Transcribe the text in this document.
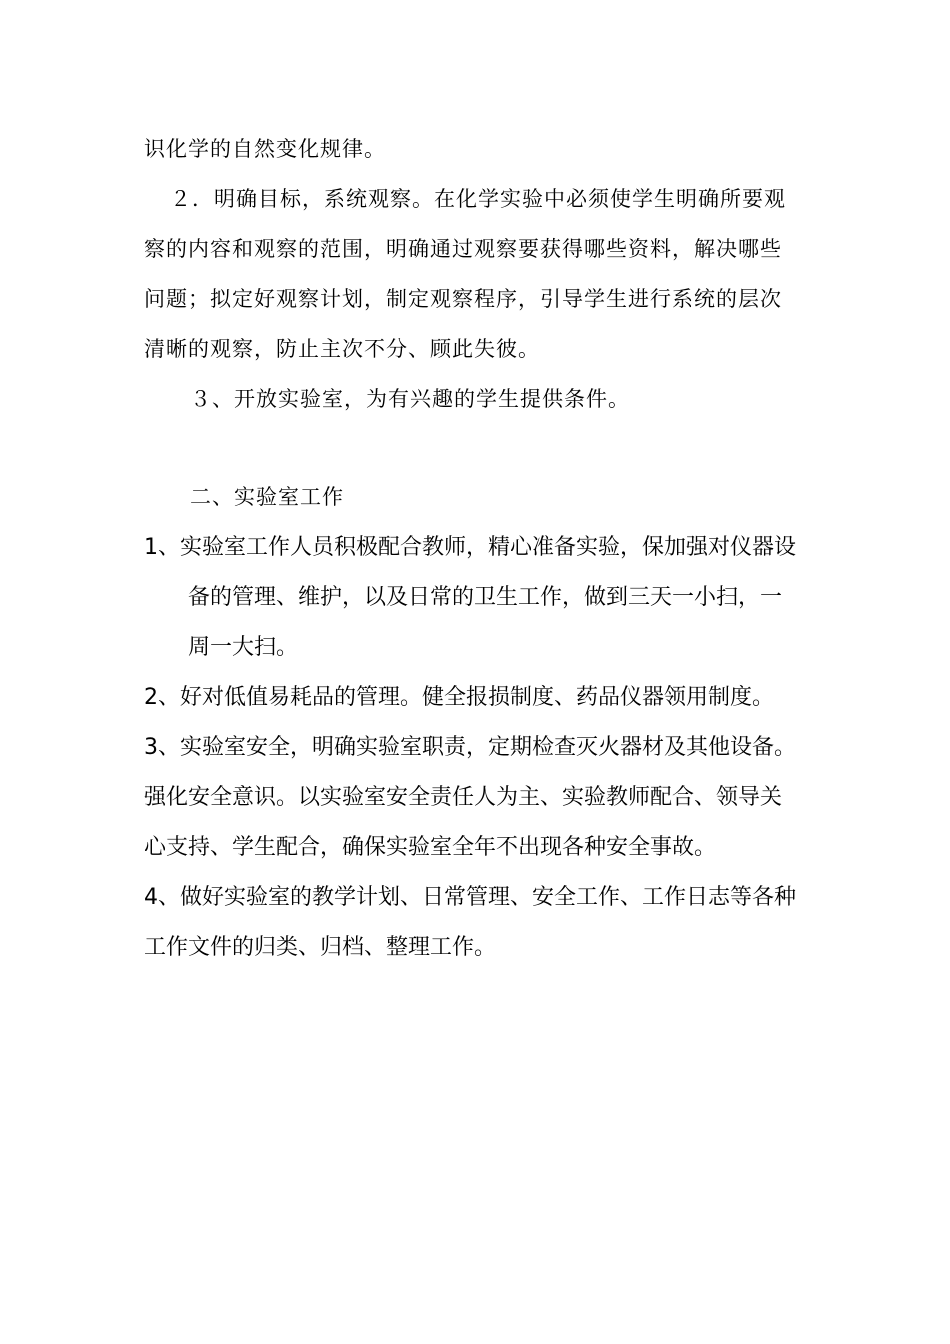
识化学的自然变化规律。
２．明确目标，系统观察。在化学实验中必须使学生明确所要观
察的内容和观察的范围，明确通过观察要获得哪些资料，解决哪些
问题；拟定好观察计划，制定观察程序，引导学生进行系统的层次
清晰的观察，防止主次不分、顾此失彼。
３、开放实验室，为有兴趣的学生提供条件。
二、实验室工作
1、实验室工作人员积极配合教师，精心准备实验，保加强对仪器设
备的管理、维护，以及日常的卫生工作，做到三天一小扫，一
周一大扫。
2、好对低值易耗品的管理。健全报损制度、药品仪器领用制度。
3、实验室安全，明确实验室职责，定期检查灭火器材及其他设备。
强化安全意识。以实验室安全责任人为主、实验教师配合、领导关
心支持、学生配合，确保实验室全年不出现各种安全事故。
4、做好实验室的教学计划、日常管理、安全工作、工作日志等各种
工作文件的归类、归档、整理工作。
